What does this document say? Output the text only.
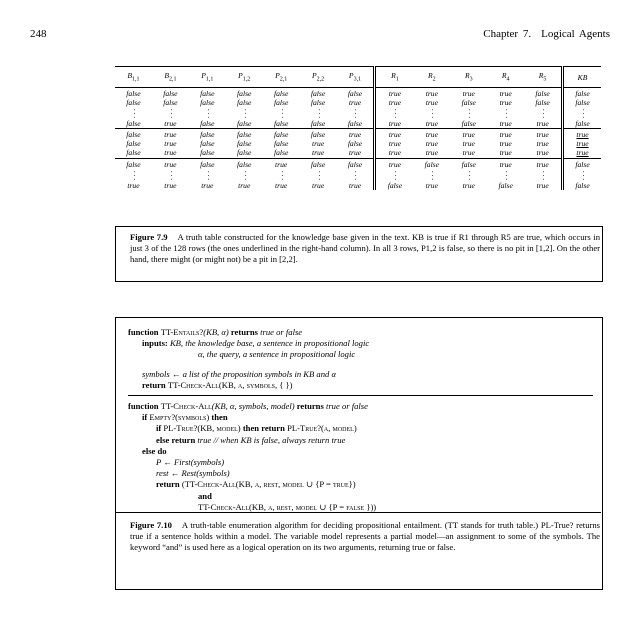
248	Chapter 7. Logical Agents
$B_{1,1}$	$B_{2,1}$	$P_{1,1}$	$P_{1,2}$	$P_{2,1}$	$P_{2,2}$	$P_{3,1}$	$R_1$	$R_2$	$R_3$	$R_4$	$R_5$	KB
false	false	false	false	false	false	false	true	true	true	true	false	false
false	false	false	false	false	false	true	true	true	false	true	false	false
···	···	···	···	···	···	···	···	···	···	···	···	···
false	true	false	false	false	false	false	true	true	false	true	true	false
false	true	false	false	false	false	true	true	true	true	true	true	true
false	true	false	false	false	true	false	true	true	true	true	true	true
false	true	false	false	false	true	true	true	true	true	true	true	true
false	true	false	false	true	false	false	true	false	false	true	true	false
···	···	···	···	···	···	···	···	···	···	···	···	···
true	true	true	true	true	true	true	false	true	true	false	true	false
Figure 7.9 A truth table constructed for the knowledge base given in the text. KB is true if R1 through R5 are true, which occurs in just 3 of the 128 rows (the ones underlined in the right-hand column). In all 3 rows, P1,2 is false, so there is no pit in [1,2]. On the other hand, there might (or might not) be a pit in [2,2].
function TT-Entails?(KB, α) returns true or false
inputs: KB, the knowledge base, a sentence in propositional logic
α, the query, a sentence in propositional logic
symbols ← a list of the proposition symbols in KB and α
return TT-Check-All(KB, α, symbols, { })
function TT-Check-All(KB, α, symbols, model) returns true or false
if Empty?(symbols) then
if PL-True?(KB, model) then return PL-True?(α, model)
else return true // when KB is false, always return true
else do
P ← First(symbols)
rest ← Rest(symbols)
return (TT-Check-All(KB, α, rest, model ∪ {P = true})
and
TT-Check-All(KB, α, rest, model ∪ {P = false }))
Figure 7.10 A truth-table enumeration algorithm for deciding propositional entailment. (TT stands for truth table.) PL-True? returns true if a sentence holds within a model. The variable model represents a partial model—an assignment to some of the symbols. The keyword “and” is used here as a logical operation on its two arguments, returning true or false.
